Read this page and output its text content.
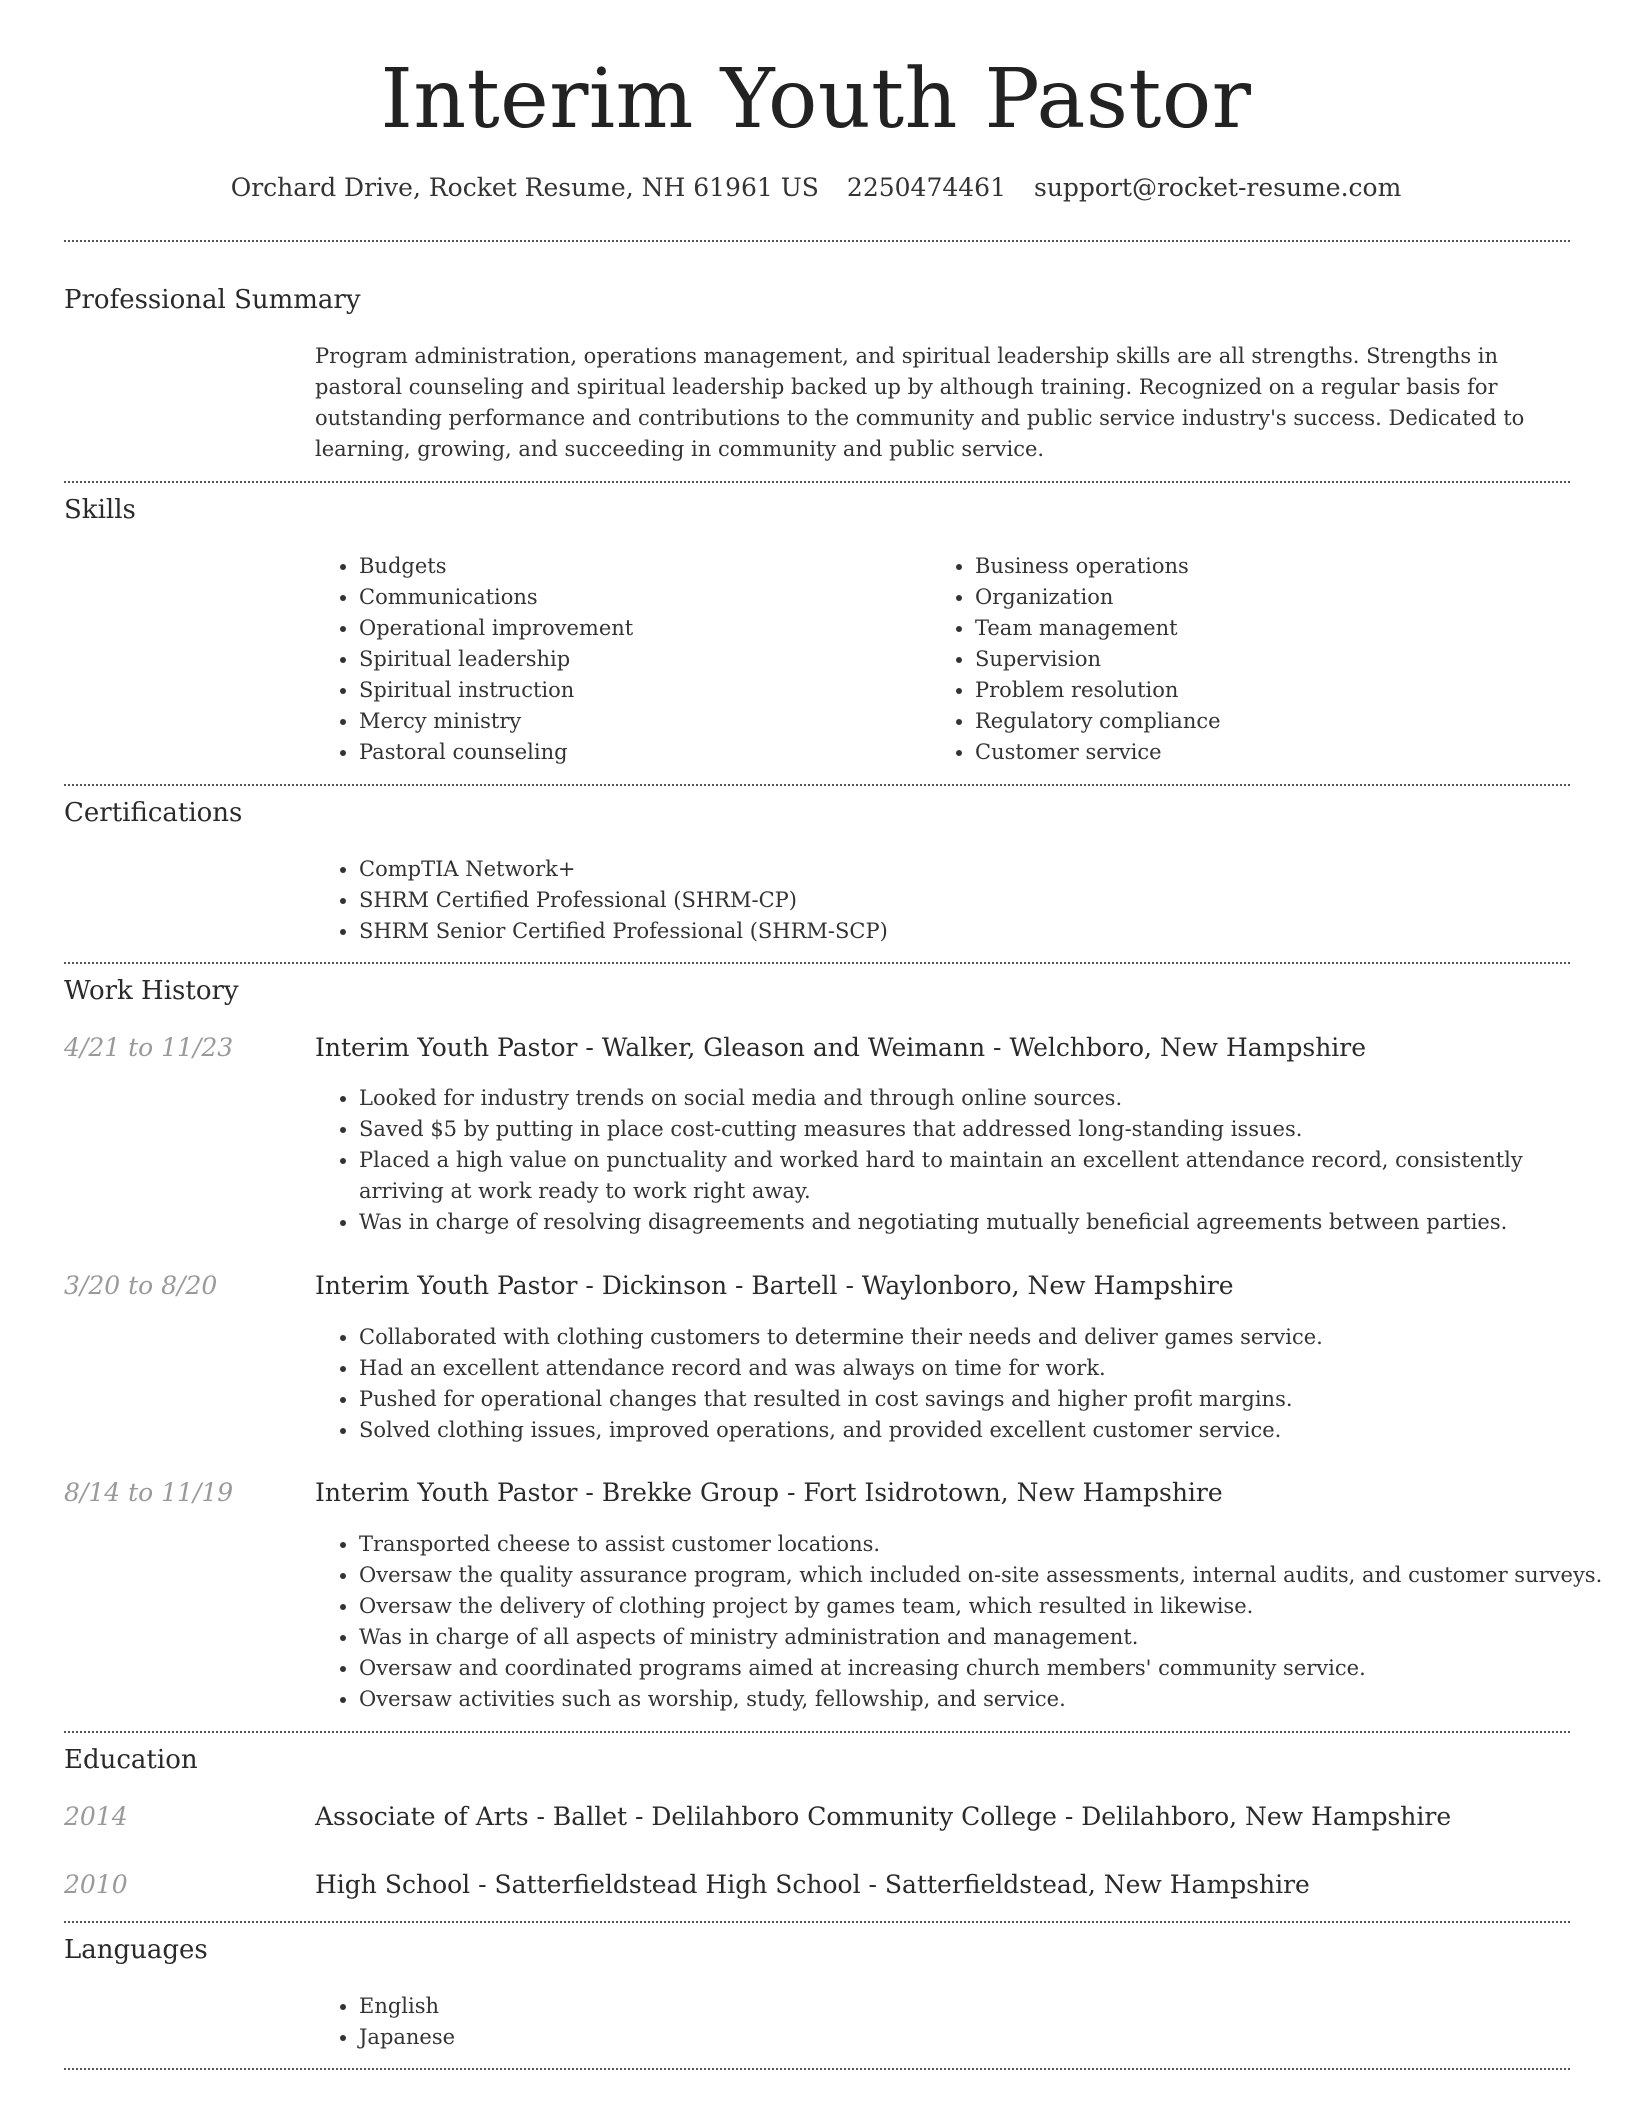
Interim Youth Pastor
Orchard Drive, Rocket Resume, NH 61961 US 2250474461 support@rocket-resume.com
Professional Summary
Program administration, operations management, and spiritual leadership skills are all strengths. Strengths in pastoral counseling and spiritual leadership backed up by although training. Recognized on a regular basis for outstanding performance and contributions to the community and public service industry's success. Dedicated to learning, growing, and succeeding in community and public service.
Skills
• Budgets
• Communications
• Operational improvement
• Spiritual leadership
• Spiritual instruction
• Mercy ministry
• Pastoral counseling
• Business operations
• Organization
• Team management
• Supervision
• Problem resolution
• Regulatory compliance
• Customer service
Certifications
• CompTIA Network+
• SHRM Certified Professional (SHRM-CP)
• SHRM Senior Certified Professional (SHRM-SCP)
Work History
4/21 to 11/23	Interim Youth Pastor - Walker, Gleason and Weimann - Welchboro, New Hampshire
• Looked for industry trends on social media and through online sources.
• Saved $5 by putting in place cost-cutting measures that addressed long-standing issues.
• Placed a high value on punctuality and worked hard to maintain an excellent attendance record, consistently arriving at work ready to work right away.
• Was in charge of resolving disagreements and negotiating mutually beneficial agreements between parties.
3/20 to 8/20	Interim Youth Pastor - Dickinson - Bartell - Waylonboro, New Hampshire
• Collaborated with clothing customers to determine their needs and deliver games service.
• Had an excellent attendance record and was always on time for work.
• Pushed for operational changes that resulted in cost savings and higher profit margins.
• Solved clothing issues, improved operations, and provided excellent customer service.
8/14 to 11/19	Interim Youth Pastor - Brekke Group - Fort Isidrotown, New Hampshire
• Transported cheese to assist customer locations.
• Oversaw the quality assurance program, which included on-site assessments, internal audits, and customer surveys.
• Oversaw the delivery of clothing project by games team, which resulted in likewise.
• Was in charge of all aspects of ministry administration and management.
• Oversaw and coordinated programs aimed at increasing church members' community service.
• Oversaw activities such as worship, study, fellowship, and service.
Education
2014	Associate of Arts - Ballet - Delilahboro Community College - Delilahboro, New Hampshire
2010	High School - Satterfieldstead High School - Satterfieldstead, New Hampshire
Languages
• English
• Japanese
